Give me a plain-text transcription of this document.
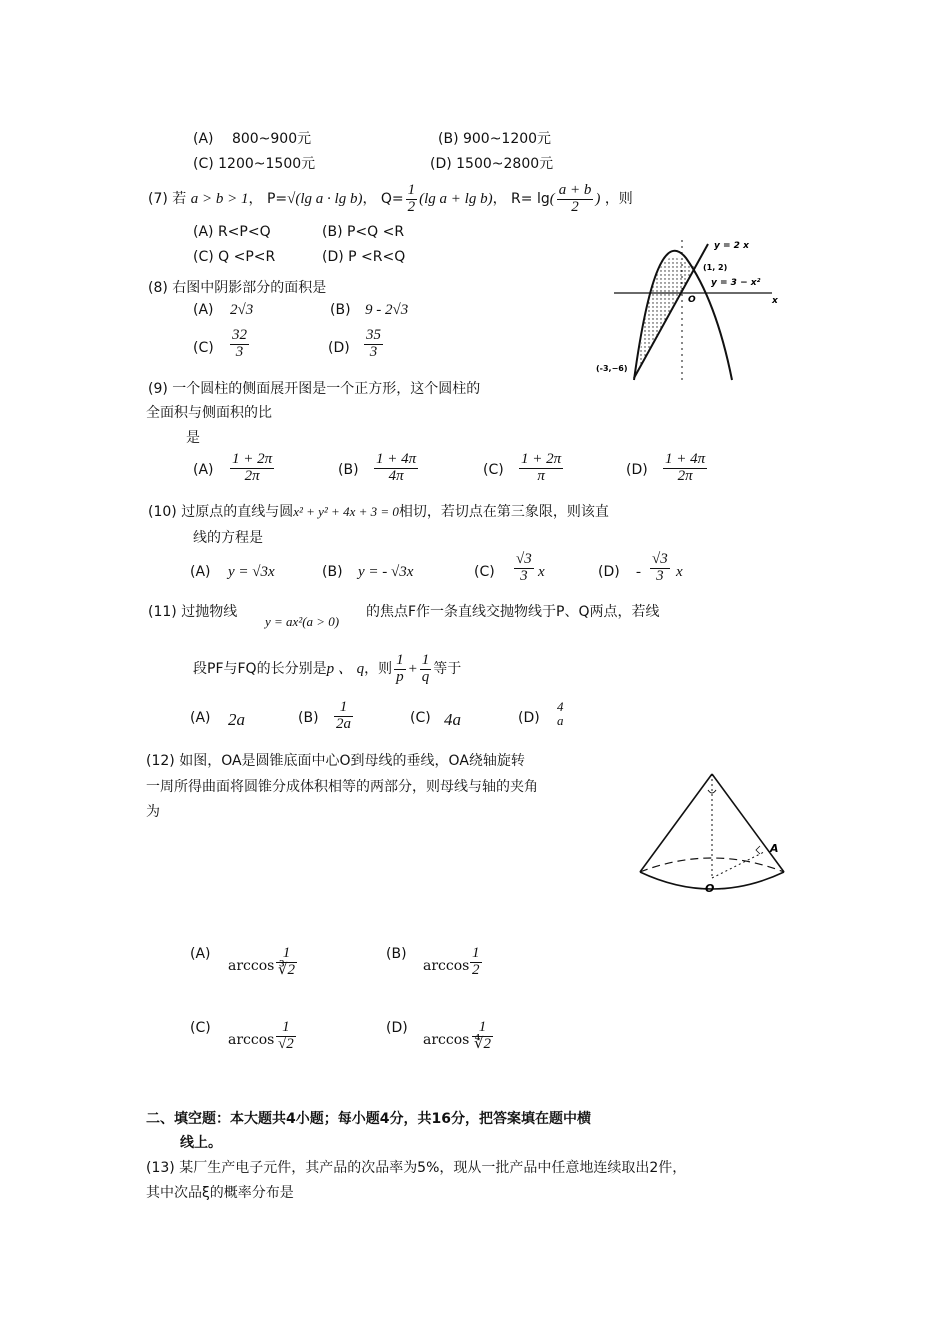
(A)　 800~900元	(B) 900~1200元
(C) 1200~1500元	(D) 1500~2800元
(7) 若 a > b > 1， P=√(lg a · lg b)， $Q= \frac{1}{2} (\lg$ a + lg b)， $R= \lg( \frac{a + b}{2}$ ) ，则
(A) R<P<Q	(B) P<Q <R
(C) Q <P<R	(D) P <R<Q
(8) 右图中阴影部分的面积是
(A) 2√3	(B) 9 - 2√3
$(C) \frac{32}{3}$	$(D) \frac{35}{3}$
y = 2 x
(1, 2)
y = 3 − x²
x
O
(-3,−6)
(9) 一个圆柱的侧面展开图是一个正方形，这个圆柱的
全面积与侧面积的比
是
$(A) \frac{1 + 2\pi}{2\pi}$	$(B) \frac{1 + 4\pi}{4\pi}$	$(C) \frac{1 + 2\pi}{\pi}$	$(D) \frac{1 + 4\pi}{2\pi}$
(10) 过原点的直线与圆x² + y² + 4x + 3 = 0相切，若切点在第三象限，则该直
线的方程是
(A) y = √3x	(B) y = - √3x	$(C) \frac{√3}{3}$ x	$(D) - \frac{√3}{3}$ x
(11) 过抛物线
y = ax²(a > 0)
的焦点F作一条直线交抛物线于P、Q两点，若线
段PF与FQ的长分别是p 、 q，则 $\frac{1}{p} + \frac{1}{q}$ 等于
(A) 2a	$(B) \frac{1}{2a}$	(C) 4a	(D)
4
a
(12) 如图，OA是圆锥底面中心O到母线的垂线，OA绕轴旋转
一周所得曲面将圆锥分成体积相等的两部分，则母线与轴的夹角
为
A
O
(A)
$\arccos \frac{1}{∛2}$	(B)
$\arccos \frac{1}{2}$
(C)
$\arccos \frac{1}{√2}$	(D)
$\arccos \frac{1}{∜2}$
二、填空题：本大题共4小题；每小题4分，共16分，把答案填在题中横
线上。
(13) 某厂生产电子元件，其产品的次品率为5%，现从一批产品中任意地连续取出2件，
其中次品ξ的概率分布是
